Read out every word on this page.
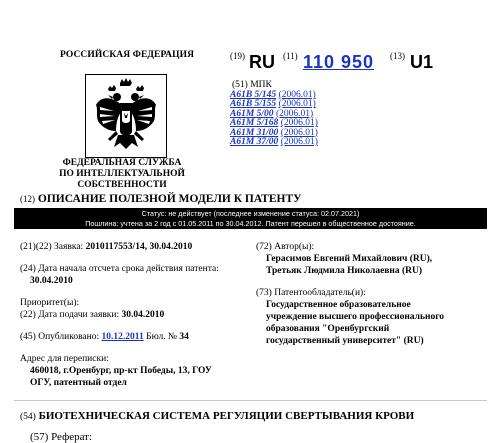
РОССИЙСКАЯ ФЕДЕРАЦИЯ
ФЕДЕРАЛЬНАЯ СЛУЖБА
ПО ИНТЕЛЛЕКТУАЛЬНОЙ СОБСТВЕННОСТИ
(19) RU (11) 110 950 (13) U1
(51) МПК
A61B 5/145 (2006.01)
A61B 5/155 (2006.01)
A61M 5/00 (2006.01)
A61M 5/168 (2006.01)
A61M 31/00 (2006.01)
A61M 37/00 (2006.01)
(12) ОПИСАНИЕ ПОЛЕЗНОЙ МОДЕЛИ К ПАТЕНТУ
Статус: не действует (последнее изменение статуса: 02.07.2021)
Пошлина: учтена за 2 год с 01.05.2011 по 30.04.2012. Патент перешел в общественное достояние.
(21)(22) Заявка: 2010117553/14, 30.04.2010
(24) Дата начала отсчета срока действия патента:
30.04.2010
Приоритет(ы):
(22) Дата подачи заявки: 30.04.2010
(45) Опубликовано: 10.12.2011 Бюл. № 34
Адрес для переписки:
460018, г.Оренбург, пр-кт Победы, 13, ГОУ
ОГУ, патентный отдел
(72) Автор(ы):
Герасимов Евгений Михайлович (RU),
Третьяк Людмила Николаевна (RU)
(73) Патентообладатель(и):
Государственное образовательное
учреждение высшего профессионального
образования "Оренбургский
государственный университет" (RU)
(54) БИОТЕХНИЧЕСКАЯ СИСТЕМА РЕГУЛЯЦИИ СВЕРТЫВАНИЯ КРОВИ
(57) Реферат:
